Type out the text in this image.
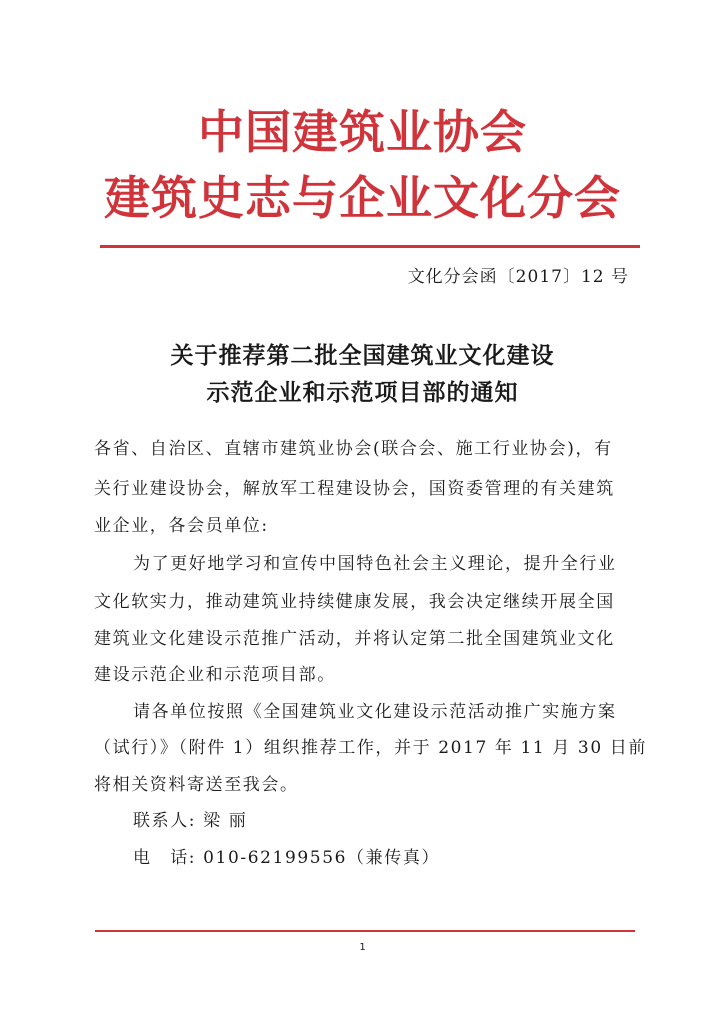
中国建筑业协会
建筑史志与企业文化分会
文化分会函〔2017〕12 号
关于推荐第二批全国建筑业文化建设
示范企业和示范项目部的通知
各省、自治区、直辖市建筑业协会(联合会、施工行业协会)，有
关行业建设协会，解放军工程建设协会，国资委管理的有关建筑
业企业，各会员单位:
为了更好地学习和宣传中国特色社会主义理论，提升全行业
文化软实力，推动建筑业持续健康发展，我会决定继续开展全国
建筑业文化建设示范推广活动，并将认定第二批全国建筑业文化
建设示范企业和示范项目部。
请各单位按照《全国建筑业文化建设示范活动推广实施方案
（试行）》（附件 1）组织推荐工作，并于 2017 年 11 月 30 日前
将相关资料寄送至我会。
联系人: 梁 丽
电　话: 010-62199556（兼传真）
1
